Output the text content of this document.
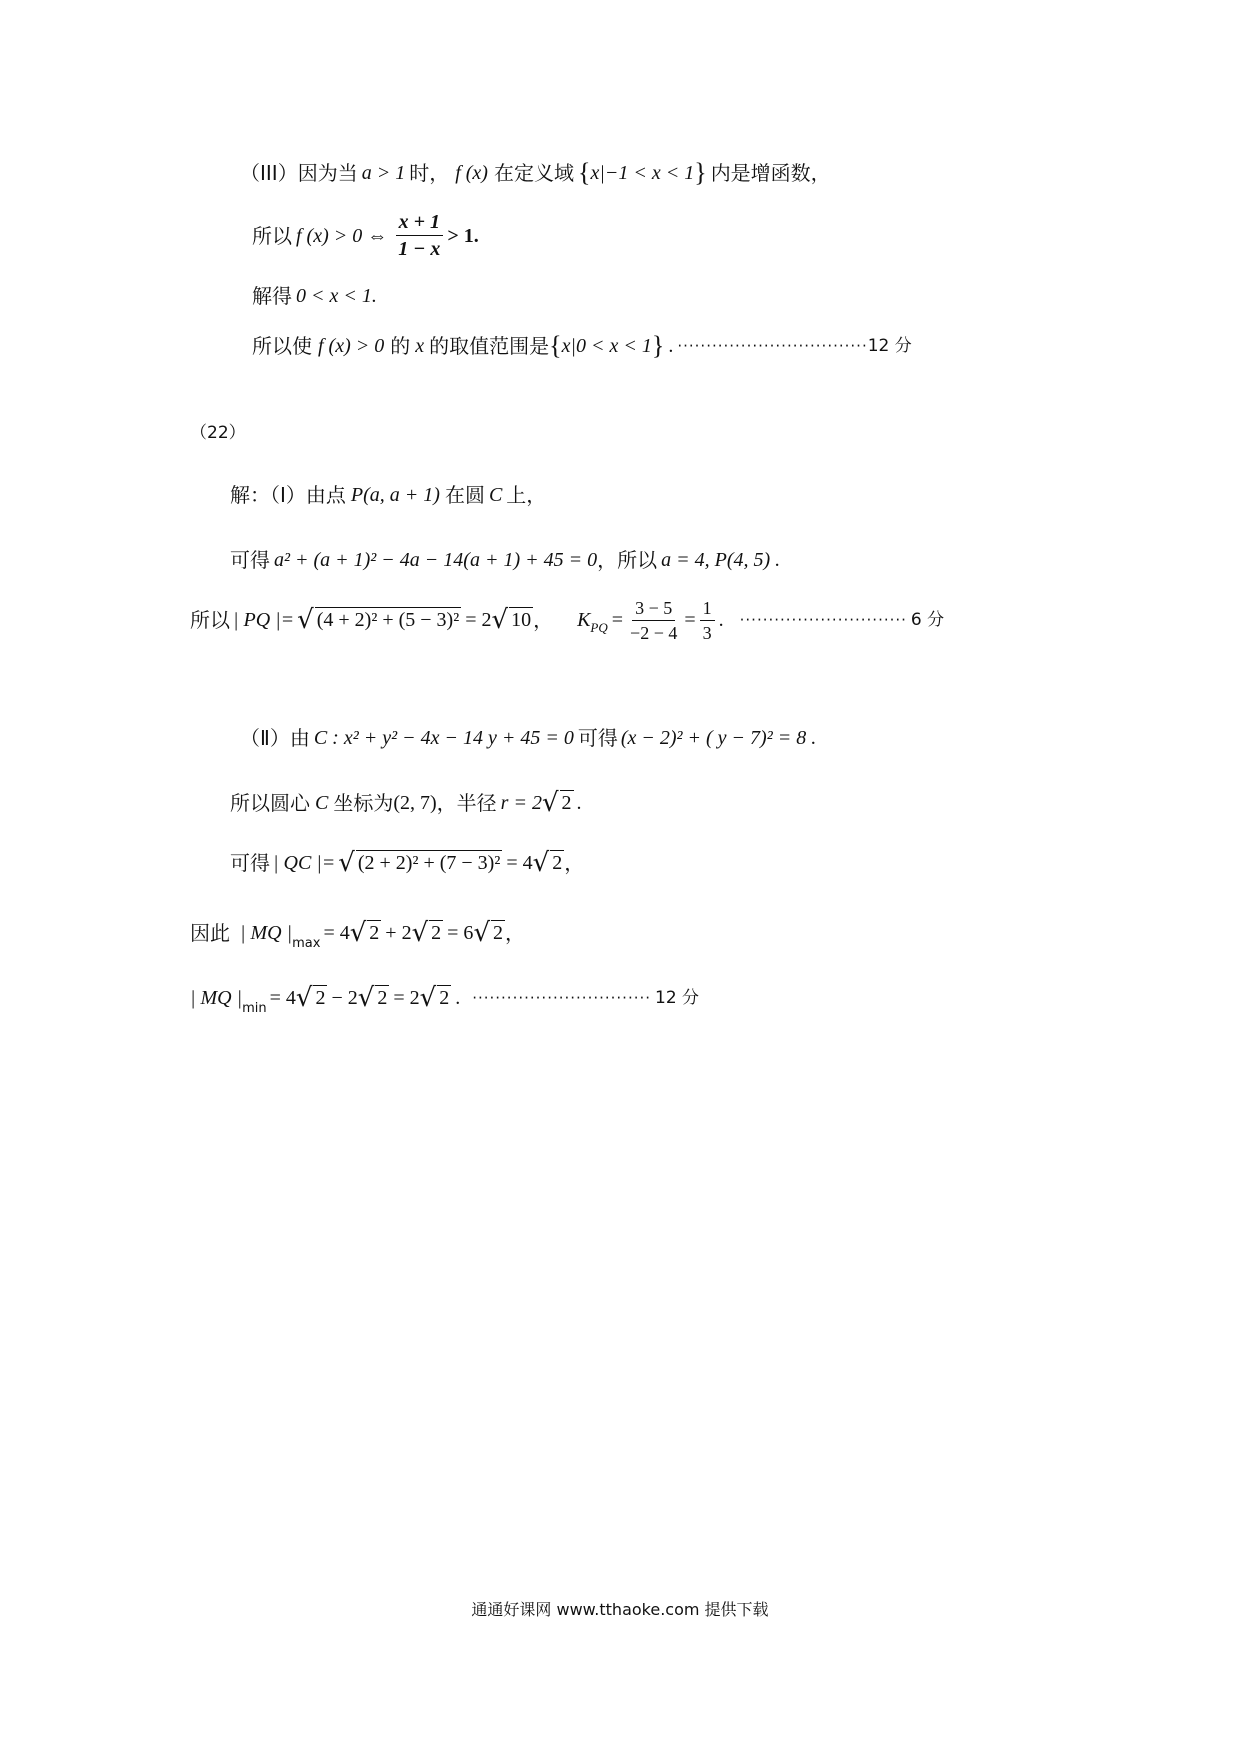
（III）因为当 a > 1 时， f (x) 在定义域 { x|−1 < x < 1 } 内是增函数，
所以 f (x) > 0 ⇔ $\frac{x + 1}{1 - x} > 1$.
解得 0 < x < 1.
所以使 f (x) > 0 的 x 的取值范围是 { x|0 < x < 1 } . ································· 12 分
（22）
解：（Ⅰ）由点 P(a, a + 1) 在圆 C 上，
可得 a² + (a + 1)² − 4a − 14(a + 1) + 45 = 0 ，所以 a = 4, P(4, 5) .
所以 | PQ |= √ (4 + 2)² + (5 − 3)² = 2 √ 10 ， $K_{PQ} = \frac{3 - 5}{-2 - 4} = \frac{1}{3}$ . ····························· 6 分
（Ⅱ）由 C : x² + y² − 4x − 14 y + 45 = 0 可得 (x − 2)² + ( y − 7)² = 8 .
所以圆心 C 坐标为 (2, 7) ，半径 r = 2 √ 2 .
可得 | QC |= √ (2 + 2)² + (7 − 3)² = 4 √ 2 ，
因此 | MQ $|_{max} = 4$ √ 2 + 2 √ 2 = 6 √ 2 ，
| MQ $|_{min} = 4$ √ 2 − 2 √ 2 = 2 √ 2 . ······························· 12 分
通通好课网 www.tthaoke.com 提供下载
